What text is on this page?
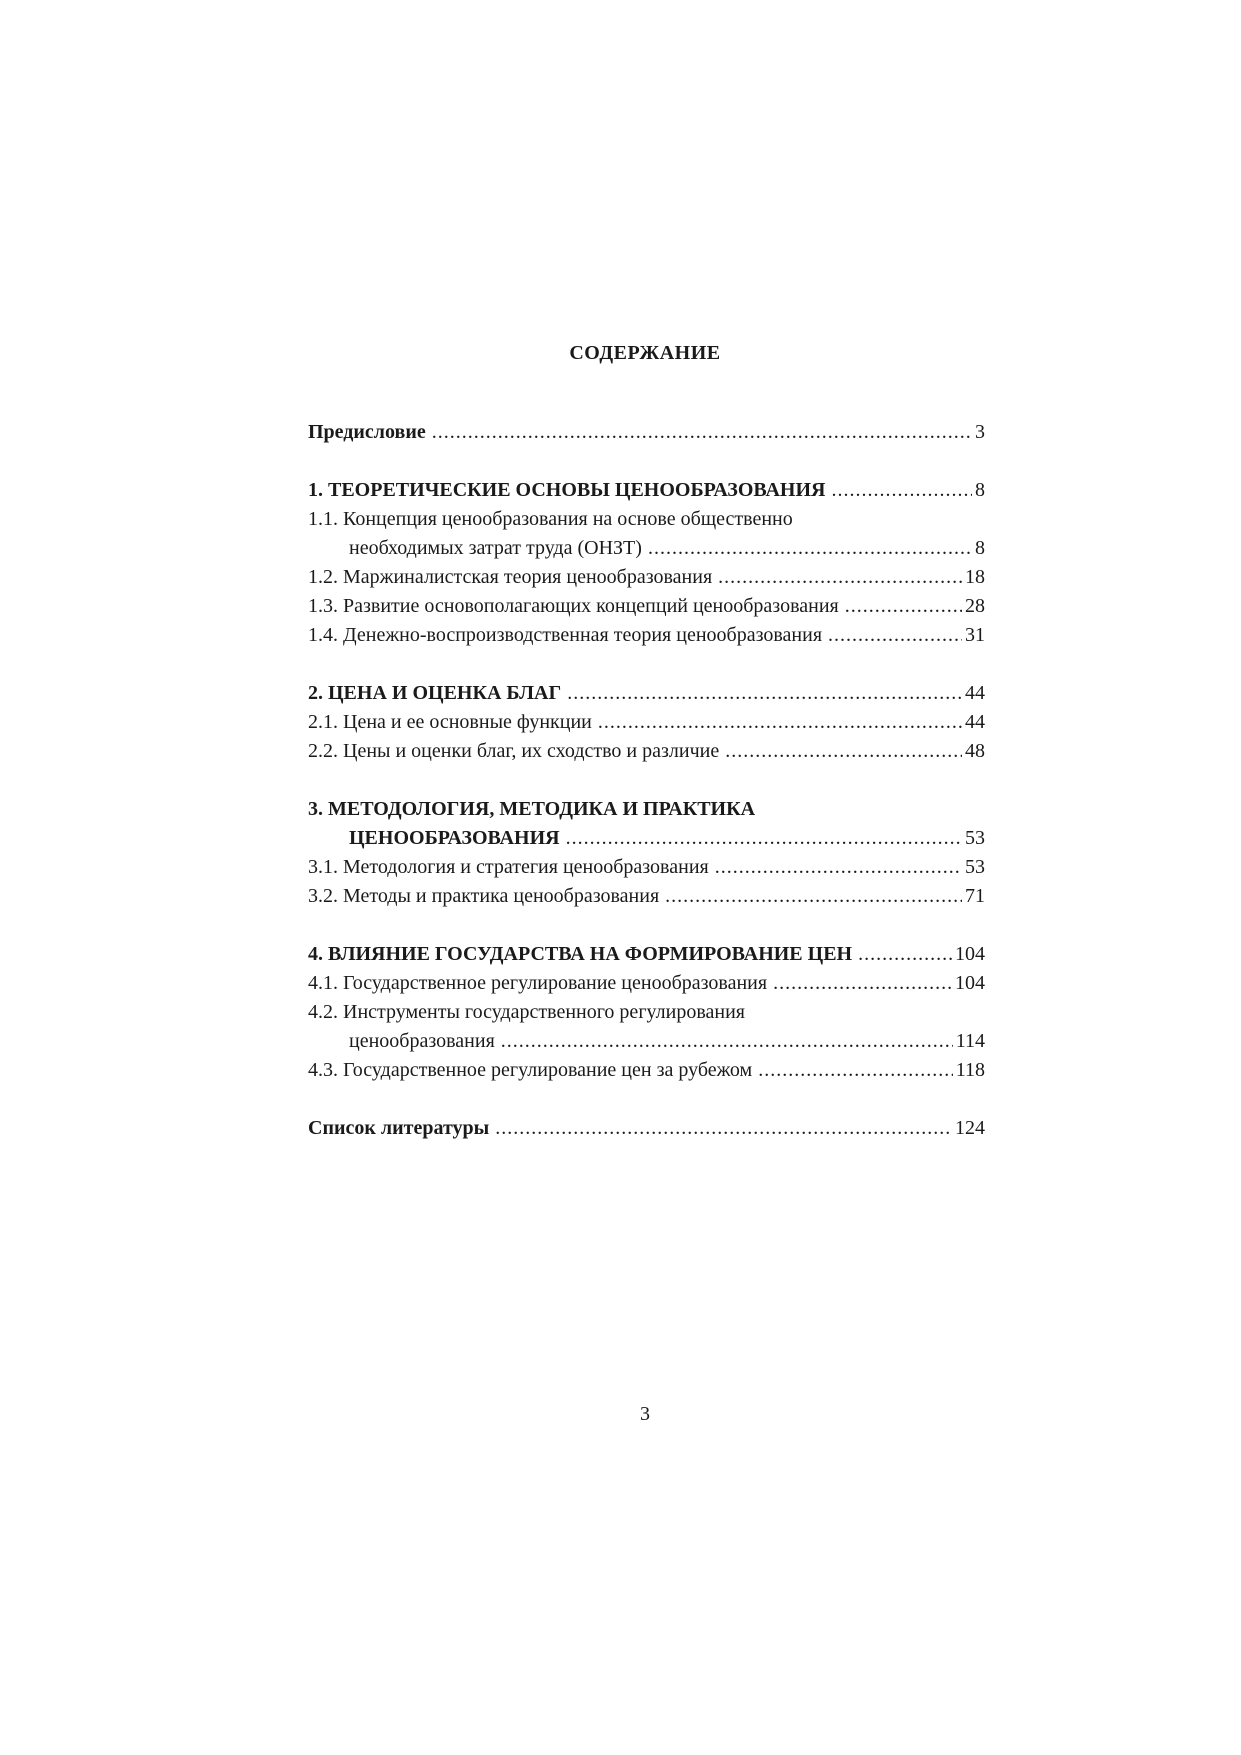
СОДЕРЖАНИЕ
Предисловие .....	3
1. ТЕОРЕТИЧЕСКИЕ ОСНОВЫ ЦЕНООБРАЗОВАНИЯ .....	8
1.1. Концепция ценообразования на основе общественно
необходимых затрат труда (ОНЗТ) .....	8
1.2. Маржиналистская теория ценообразования .....	18
1.3. Развитие основополагающих концепций ценообразования .....	28
1.4. Денежно-воспроизводственная теория ценообразования .....	31
2. ЦЕНА И ОЦЕНКА БЛАГ .....	44
2.1. Цена и ее основные функции .....	44
2.2. Цены и оценки благ, их сходство и различие .....	48
3. МЕТОДОЛОГИЯ, МЕТОДИКА И ПРАКТИКА
ЦЕНООБРАЗОВАНИЯ .....	53
3.1. Методология и стратегия ценообразования .....	53
3.2. Методы и практика ценообразования .....	71
4. ВЛИЯНИЕ ГОСУДАРСТВА НА ФОРМИРОВАНИЕ ЦЕН .....	104
4.1. Государственное регулирование ценообразования .....	104
4.2. Инструменты государственного регулирования
ценообразования .....	114
4.3. Государственное регулирование цен за рубежом .....	118
Список литературы .....	124
3
